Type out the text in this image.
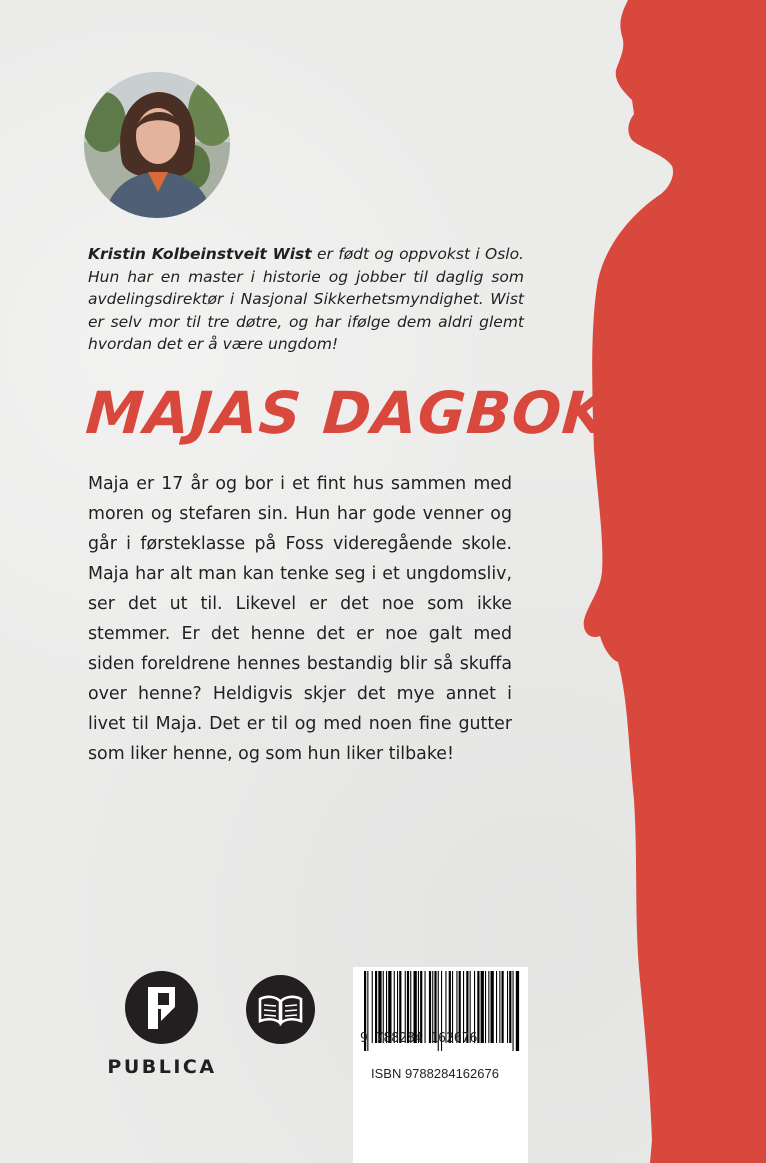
Kristin Kolbeinstveit Wist er født og oppvokst i Oslo. Hun har en master i historie og jobber til daglig som avdelingsdirektør i Nasjonal Sikkerhetsmyndighet. Wist er selv mor til tre døtre, og har ifølge dem aldri glemt hvordan det er å være ungdom!

MAJAS DAGBOK

Maja er 17 år og bor i et fint hus sammen med moren og stefaren sin. Hun har gode venner og går i førsteklasse på Foss videregående skole. Maja har alt man kan tenke seg i et ungdomsliv, ser det ut til. Likevel er det noe som ikke stemmer. Er det henne det er noe galt med siden foreldrene hennes bestandig blir så skuffa over henne? Heldigvis skjer det mye annet i livet til Maja. Det er til og med noen fine gutter som liker henne, og som hun liker tilbake!

PUBLICA
9 788284 162676
ISBN 9788284162676
